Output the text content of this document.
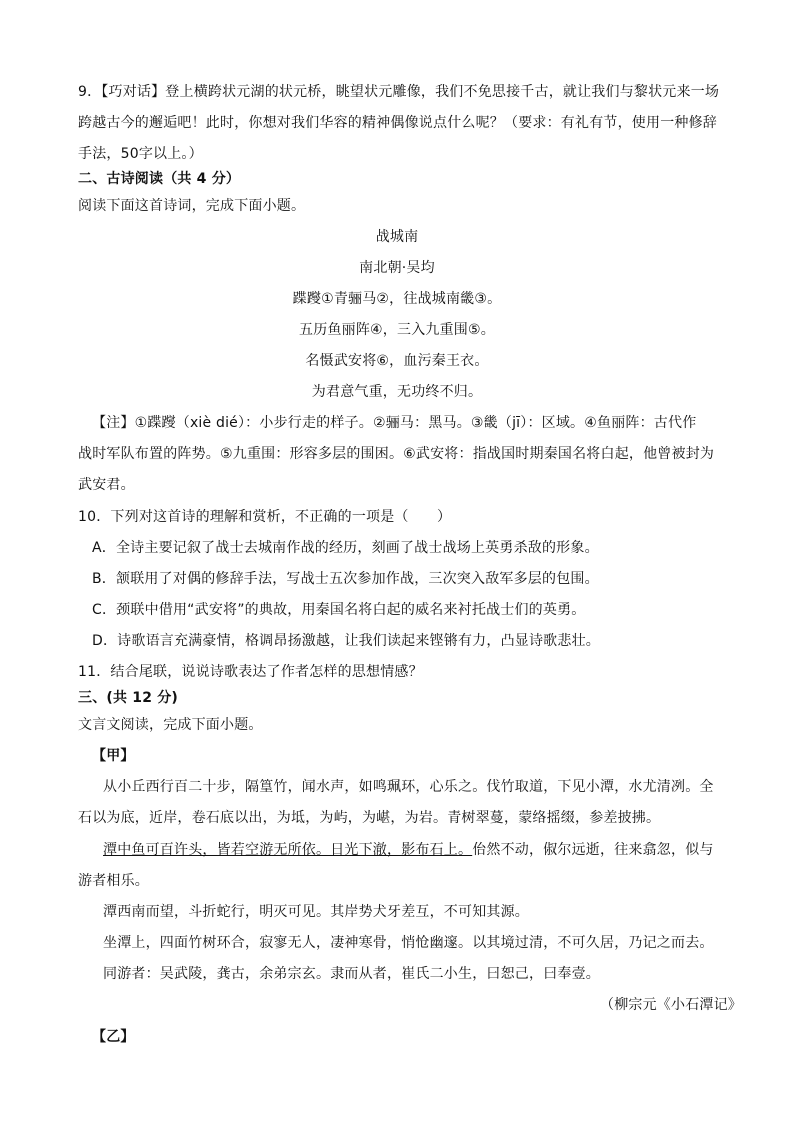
9．【巧对话】登上横跨状元湖的状元桥，眺望状元雕像，我们不免思接千古，就让我们与黎状元来一场
跨越古今的邂逅吧！此时，你想对我们华容的精神偶像说点什么呢？（要求：有礼有节，使用一种修辞
手法，50字以上。）
二、古诗阅读（共 4 分）
阅读下面这首诗词，完成下面小题。
战城南
南北朝·吴均
蹀躞①青骊马②，往战城南畿③。
五历鱼丽阵④，三入九重围⑤。
名慑武安将⑥，血污秦王衣。
为君意气重，无功终不归。
【注】①蹀躞（xiè dié）：小步行走的样子。②骊马：黑马。③畿（jī）：区域。④鱼丽阵：古代作
战时军队布置的阵势。⑤九重围：形容多层的围困。⑥武安将：指战国时期秦国名将白起，他曾被封为
武安君。
10．下列对这首诗的理解和赏析，不正确的一项是（　　）
A．全诗主要记叙了战士去城南作战的经历，刻画了战士战场上英勇杀敌的形象。
B．颔联用了对偶的修辞手法，写战士五次参加作战，三次突入敌军多层的包围。
C．颈联中借用“武安将”的典故，用秦国名将白起的威名来衬托战士们的英勇。
D．诗歌语言充满豪情，格调昂扬激越，让我们读起来铿锵有力，凸显诗歌悲壮。
11．结合尾联，说说诗歌表达了作者怎样的思想情感？
三、(共 12 分)
文言文阅读，完成下面小题。
【甲】
从小丘西行百二十步，隔篁竹，闻水声，如鸣珮环，心乐之。伐竹取道，下见小潭，水尤清冽。全
石以为底，近岸，卷石底以出，为坻，为屿，为嵁，为岩。青树翠蔓，蒙络摇缀，参差披拂。
潭中鱼可百许头，皆若空游无所依。日光下澈，影布石上。佁然不动，俶尔远逝，往来翕忽，似与
游者相乐。
潭西南而望，斗折蛇行，明灭可见。其岸势犬牙差互，不可知其源。
坐潭上，四面竹树环合，寂寥无人，凄神寒骨，悄怆幽邃。以其境过清，不可久居，乃记之而去。
同游者：吴武陵，龚古，余弟宗玄。隶而从者，崔氏二小生，曰恕己，曰奉壹。
（柳宗元《小石潭记》
【乙】
